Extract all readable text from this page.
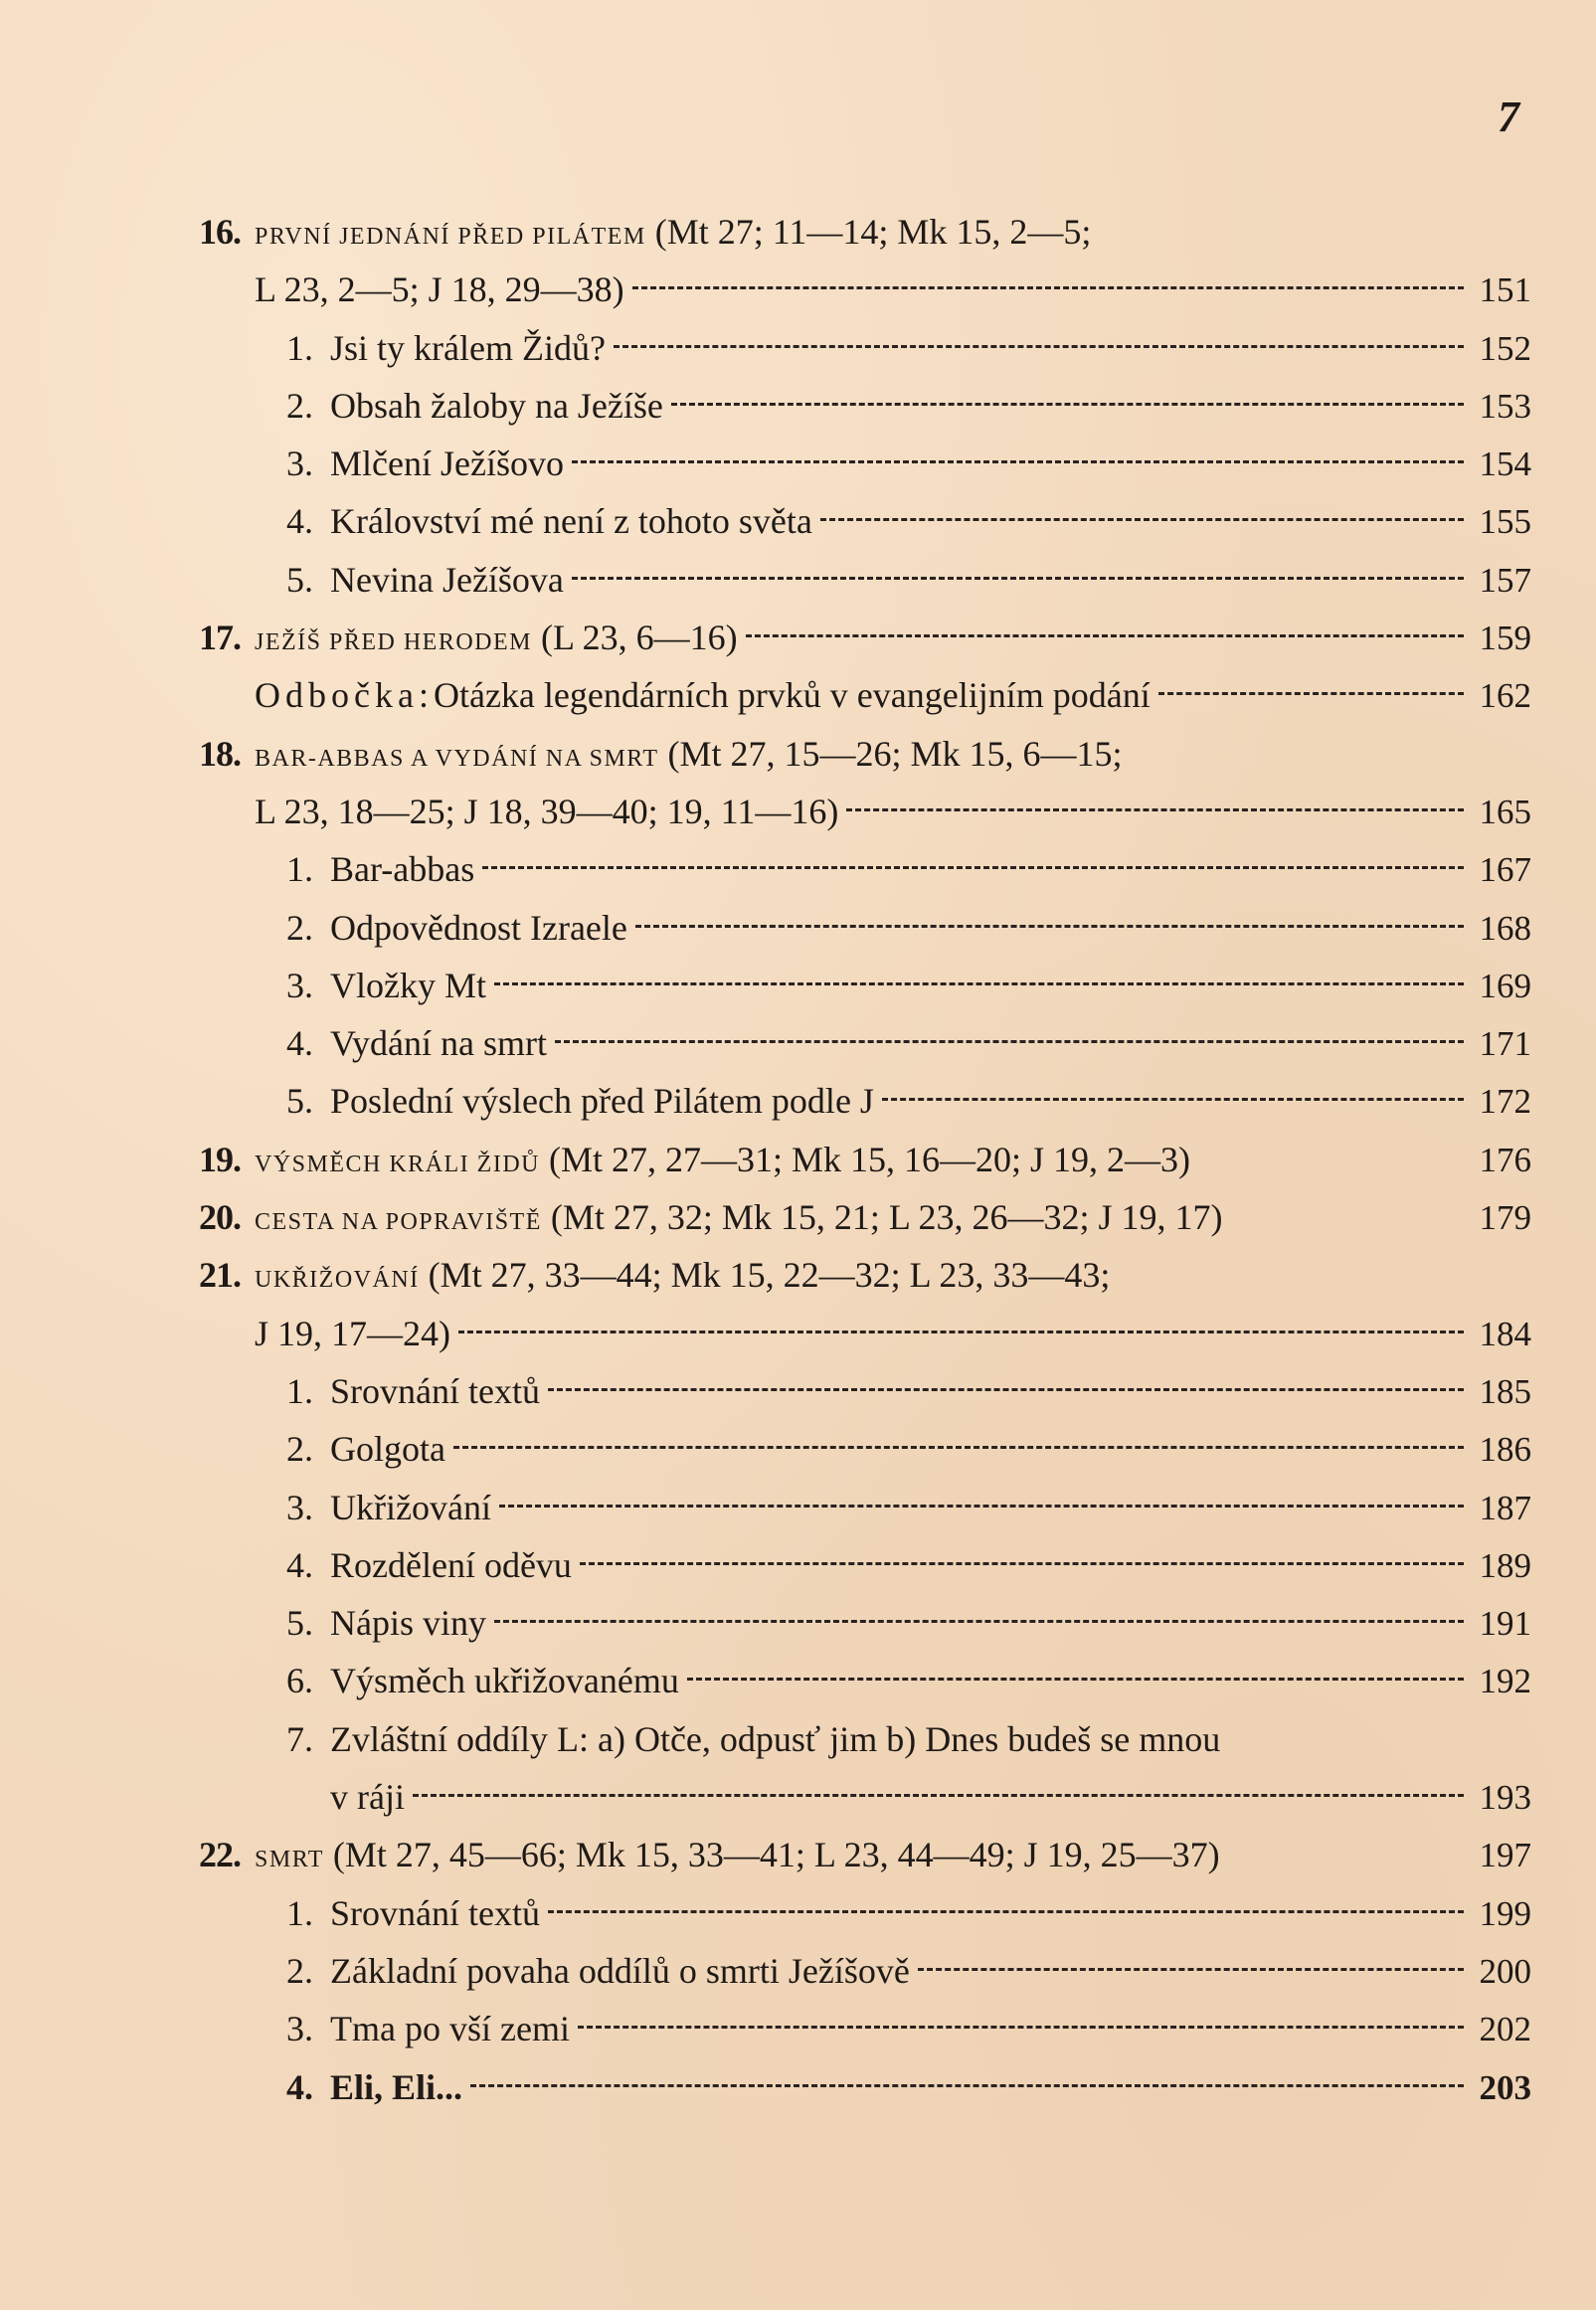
7
16. PRVNÍ JEDNÁNÍ PŘED PILÁTEM (Mt 27; 11—14; Mk 15, 2—5;
L 23, 2—5; J 18, 29—38)	151
1. Jsi ty králem Židů?	152
2. Obsah žaloby na Ježíše	153
3. Mlčení Ježíšovo	154
4. Království mé není z tohoto světa	155
5. Nevina Ježíšova	157
17. JEŽÍŠ PŘED HERODEM (L 23, 6—16)	159
Odbočka: Otázka legendárních prvků v evangelijním podání	162
18. BAR-ABBAS A VYDÁNÍ NA SMRT (Mt 27, 15—26; Mk 15, 6—15;
L 23, 18—25; J 18, 39—40; 19, 11—16)	165
1. Bar-abbas	167
2. Odpovědnost Izraele	168
3. Vložky Mt	169
4. Vydání na smrt	171
5. Poslední výslech před Pilátem podle J	172
19. VÝSMĚCH KRÁLI ŽIDŮ (Mt 27, 27—31; Mk 15, 16—20; J 19, 2—3)	176
20. CESTA NA POPRAVIŠTĚ (Mt 27, 32; Mk 15, 21; L 23, 26—32; J 19, 17)	179
21. UKŘIŽOVÁNÍ (Mt 27, 33—44; Mk 15, 22—32; L 23, 33—43;
J 19, 17—24)	184
1. Srovnání textů	185
2. Golgota	186
3. Ukřižování	187
4. Rozdělení oděvu	189
5. Nápis viny	191
6. Výsměch ukřižovanému	192
7. Zvláštní oddíly L: a) Otče, odpusť jim b) Dnes budeš se mnou
v ráji	193
22. SMRT (Mt 27, 45—66; Mk 15, 33—41; L 23, 44—49; J 19, 25—37)	197
1. Srovnání textů	199
2. Základní povaha oddílů o smrti Ježíšově	200
3. Tma po vší zemi	202
4. Eli, Eli...	203
